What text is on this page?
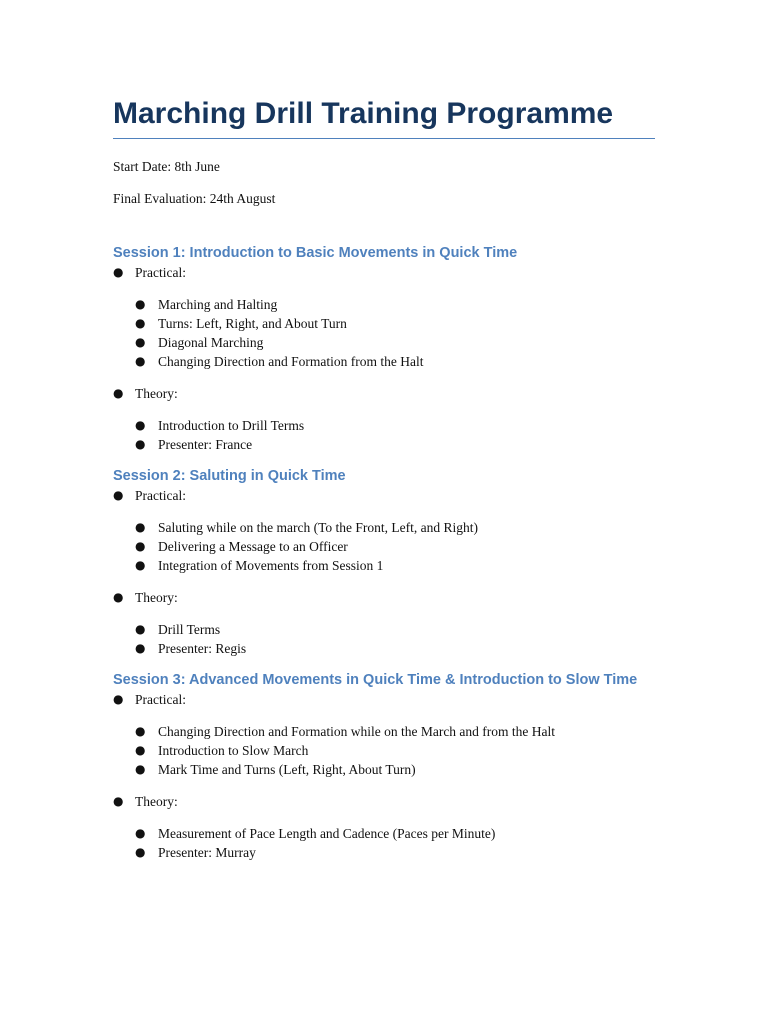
Marching Drill Training Programme

Start Date: 8th June

Final Evaluation: 24th August

Session 1: Introduction to Basic Movements in Quick Time
● Practical:
● Marching and Halting
● Turns: Left, Right, and About Turn
● Diagonal Marching
● Changing Direction and Formation from the Halt
● Theory:
● Introduction to Drill Terms
● Presenter: France
Session 2: Saluting in Quick Time
● Practical:
● Saluting while on the march (To the Front, Left, and Right)
● Delivering a Message to an Officer
● Integration of Movements from Session 1
● Theory:
● Drill Terms
● Presenter: Regis
Session 3: Advanced Movements in Quick Time & Introduction to Slow Time
● Practical:
● Changing Direction and Formation while on the March and from the Halt
● Introduction to Slow March
● Mark Time and Turns (Left, Right, About Turn)
● Theory:
● Measurement of Pace Length and Cadence (Paces per Minute)
● Presenter: Murray
